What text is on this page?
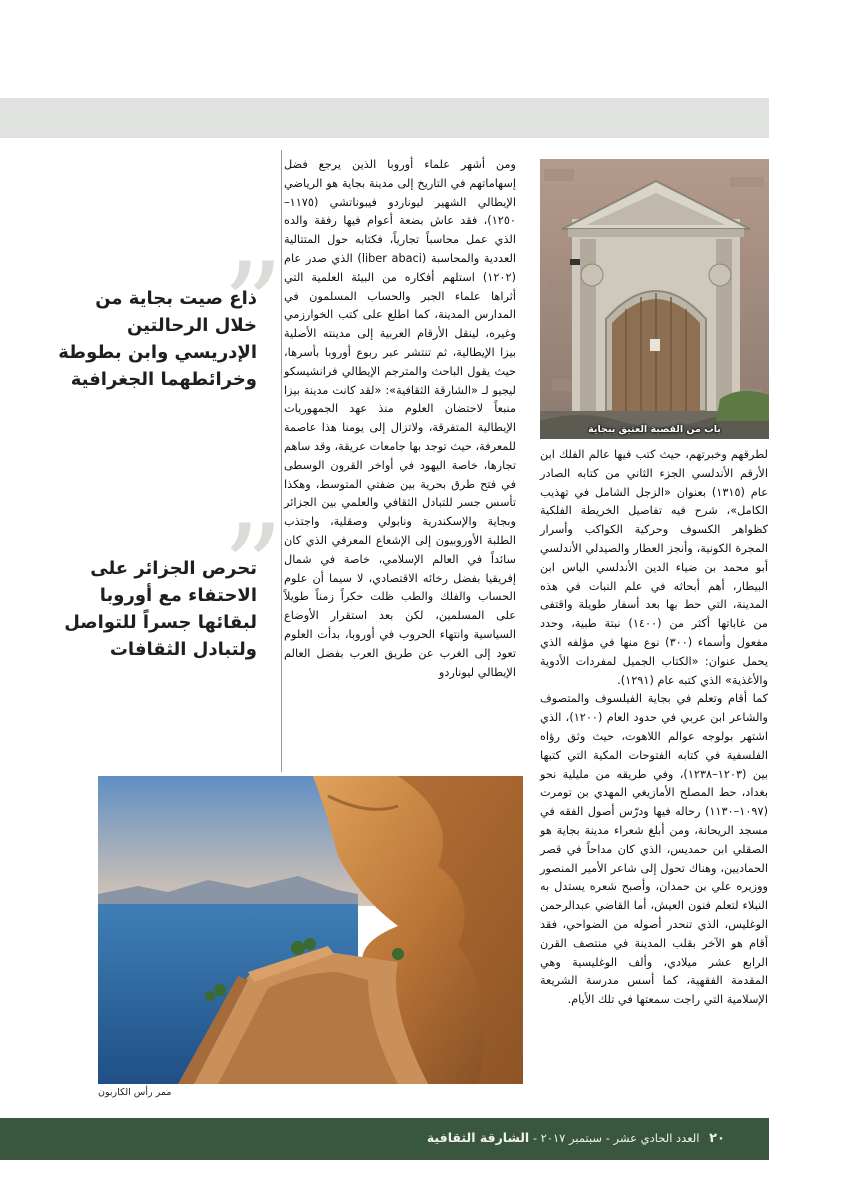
باب من القصبة العتيق ببجاية

ومن أشهر علماء أوروبا الذين يرجع فضل إسهاماتهم في التاريخ إلى مدينة بجاية هو الرياضي الإيطالي الشهير ليوناردو فيبوناتشي (١١٧٥–١٢٥٠)، فقد عاش بضعة أعوام فيها رفقة والده الذي عمل محاسباً تجارياً، فكتابه حول المتتالية العددية والمحاسبة (liber abaci) الذي صدر عام (١٢٠٢) استلهم أفكاره من البيئة العلمية التي أثراها علماء الجبر والحساب المسلمون في المدارس المدينة، كما اطلع على كتب الخوارزمي وغيره، لينقل الأرقام العربية إلى مدينته الأصلية بيزا الإيطالية، ثم تنتشر عبر ربوع أوروبا بأسرها، حيث يقول الباحث والمترجم الإيطالي فرانشيسكو ليجيو لـ «الشارقة الثقافية»: «لقد كانت مدينة بيزا منبعاً لاحتضان العلوم منذ عهد الجمهوريات الإيطالية المتفرقة، ولاتزال إلى يومنا هذا عاصمة للمعرفة، حيث توجد بها جامعات عريقة، وقد ساهم تجارها، خاصة اليهود في أواخر القرون الوسطى في فتح طرق بحرية بين ضفتي المتوسط، وهكذا تأسس جسر للتبادل الثقافي والعلمي بين الجزائر وبجاية والإسكندرية ونابولي وصقلية، واجتذب الطلبة الأوروبيون إلى الإشعاع المعرفي الذي كان سائداً في العالم الإسلامي، خاصة في شمال إفريقيا بفضل رخائه الاقتصادي، لا سيما أن علوم الحساب والفلك والطب ظلت حكراً زمناً طويلاً على المسلمين، لكن بعد استقرار الأوضاع السياسية وانتهاء الحروب في أوروبا، بدأت العلوم تعود إلى الغرب عن طريق العرب بفضل العالم الإيطالي ليوناردو

لطرقهم وخبرتهم، حيث كتب فيها عالم الفلك ابن الأرقم الأندلسي الجزء الثاني من كتابه الصادر عام (١٣١٥) بعنوان «الزجل الشامل في تهذيب الكامل»، شرح فيه تفاصيل الخريطة الفلكية كظواهر الكسوف وحركية الكواكب وأسرار المجرة الكونية، وأنجز العطار والصيدلي الأندلسي أبو محمد بن ضياء الدين الأندلسي الياس ابن البيطار، أهم أبحاثه في علم النبات في هذه المدينة، التي حط بها بعد أسفار طويلة واقتفى من غاباتها أكثر من (١٤٠٠) نبتة طبية، وحدد مفعول وأسماء (٣٠٠) نوع منها في مؤلفه الذي يحمل عنوان: «الكتاب الجميل لمفردات الأدوية والأغذية» الذي كتبه عام (١٢٩١).

كما أقام وتعلم في بجاية الفيلسوف والمتصوف والشاعر ابن عربي في حدود العام (١٢٠٠)، الذي اشتهر بولوجه عوالم اللاهوت، حيث وثق رؤاه الفلسفية في كتابه الفتوحات المكية التي كتبها بين (١٢٠٣–١٢٣٨)، وفي طريقه من مليلية نحو بغداد، حط المصلح الأمازيغي المهدي بن تومرت (١٠٩٧–١١٣٠) رحاله فيها ودرّس أصول الفقه في مسجد الريحانة، ومن أبلغ شعراء مدينة بجاية هو الصقلي ابن حمديس، الذي كان مداحاً في قصر الحماديين، وهناك تحول إلى شاعر الأمير المنصور ووزيره علي بن حمدان، وأصبح شعره يستدل به النبلاء لتعلم فنون العيش، أما القاضي عبدالرحمن الوغليس، الذي تنحدر أصوله من الضواحي، فقد أقام هو الآخر بقلب المدينة في منتصف القرن الرابع عشر ميلادي، وألف الوغليسية وهي المقدمة الفقهية، كما أسس مدرسة الشريعة الإسلامية التي راجت سمعتها في تلك الأيام.

”
ذاع صيت بجاية من خلال الرحالتين الإدريسي وابن بطوطة وخرائطهما الجغرافية
”
تحرص الجزائر على الاحتفاء مع أوروبا لبقائها جسراً للتواصل ولتبادل الثقافات
ممر رأس الكاربون
٢٠ العدد الحادي عشر - سبتمبر ٢٠١٧ - الشارقة الثقافية
